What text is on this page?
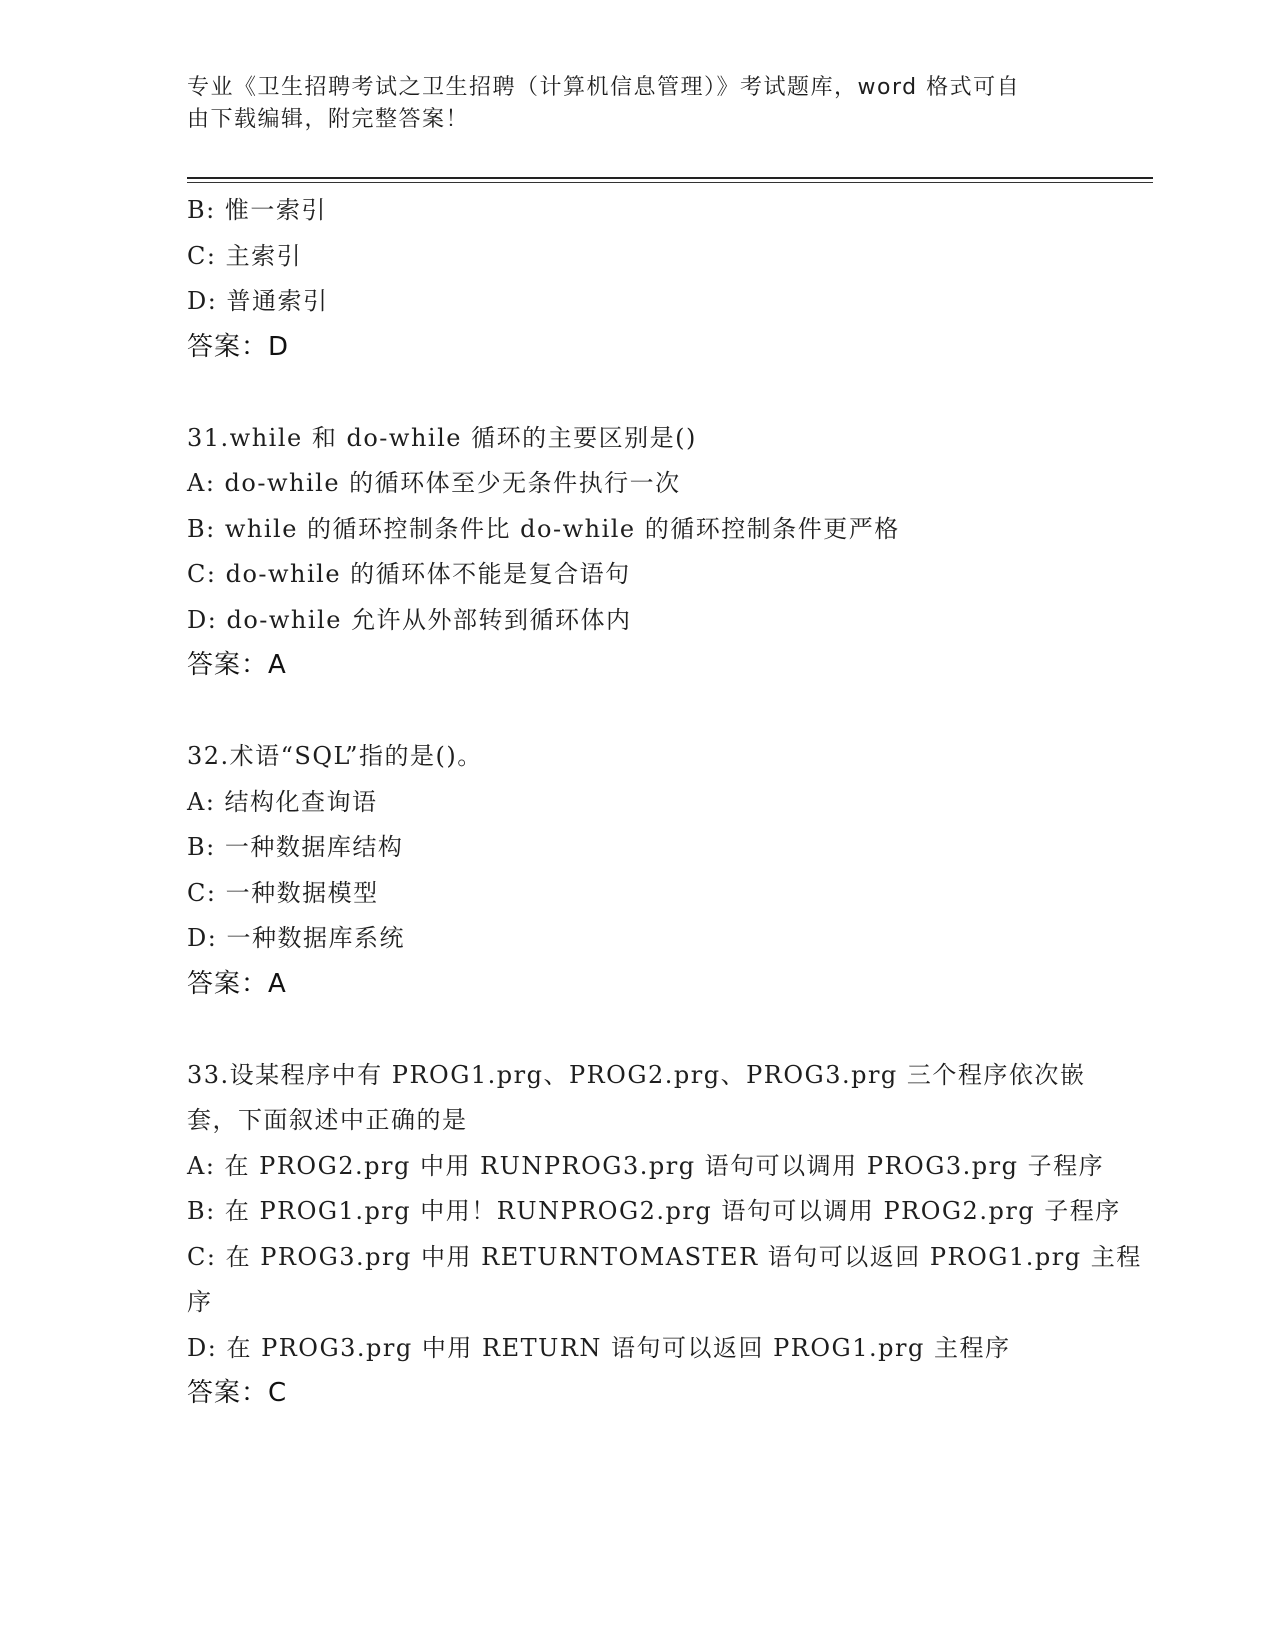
专业《卫生招聘考试之卫生招聘（计算机信息管理）》考试题库，word 格式可自
由下载编辑，附完整答案！
B: 惟一索引
C: 主索引
D: 普通索引
答案：D
31.while 和 do-while 循环的主要区别是()
A: do-while 的循环体至少无条件执行一次
B: while 的循环控制条件比 do-while 的循环控制条件更严格
C: do-while 的循环体不能是复合语句
D: do-while 允许从外部转到循环体内
答案：A
32.术语“SQL”指的是()。
A: 结构化查询语
B: 一种数据库结构
C: 一种数据模型
D: 一种数据库系统
答案：A
33.设某程序中有 PROG1.prg、PROG2.prg、PROG3.prg 三个程序依次嵌
套，下面叙述中正确的是
A: 在 PROG2.prg 中用 RUNPROG3.prg 语句可以调用 PROG3.prg 子程序
B: 在 PROG1.prg 中用！RUNPROG2.prg 语句可以调用 PROG2.prg 子程序
C: 在 PROG3.prg 中用 RETURNTOMASTER 语句可以返回 PROG1.prg 主程
序
D: 在 PROG3.prg 中用 RETURN 语句可以返回 PROG1.prg 主程序
答案：C
